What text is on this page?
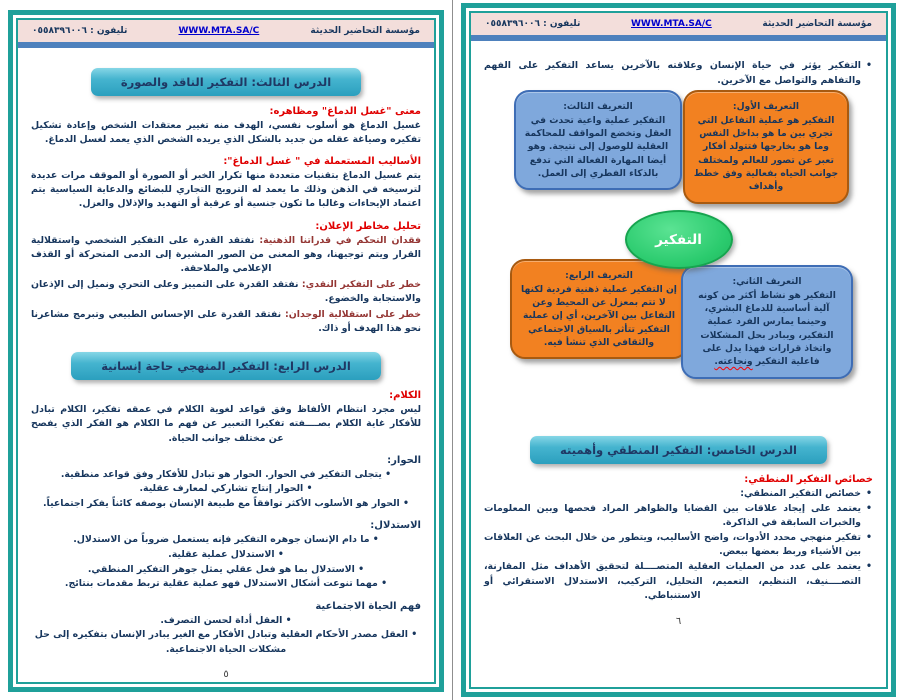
مؤسسة التحاضير الحديثة
WWW.MTA.SA/C
تليفون : ٠٥٥٨٣٩٦٠٠٦
الدرس الثالث: التفكير الناقد والصورة
معنى "غسل الدماغ" ومظاهره:

غسيل الدماغ هو أسلوب نفسي، الهدف منه تغيير معتقدات الشخص وإعادة تشكيل تفكيره وصياغة عقله من جديد بالشكل الذي يريده الشخص الذي يعمد لغسل الدماغ.

الأساليب المستعملة في " غسل الدماغ":

يتم غسيل الدماغ بتقنيات متعددة منها تكرار الخبر أو الصورة أو الموقف مرات عديدة لترسيخه في الذهن وذلك ما يعمد له الترويج التجاري للبضائع والدعاية السياسية يتم اعتماد الإيحاءات وغالبا ما تكون جنسية أو عرقية أو التهديد والإذلال والعزل.

تحليل مخاطر الإعلان:

فقدان التحكم في قدراتنا الذهنية: نفتقد القدرة على التفكير الشخصي واستقلالية القرار ويتم توجيهنا، وهو المعنى من الصور المشيرة إلى الدمى المتحركة أو القذف الإعلامي والملاحقة.

خطر على التفكير النقدي: نفتقد القدرة على التمييز وعلى التحري ونميل إلى الإذعان والاستجابة والخضوع.

خطر على استقلالية الوجدان: نفتقد القدرة على الإحساس الطبيعي وتبرمج مشاعرنا نحو هذا الهدف أو ذاك.

الدرس الرابع: التفكير المنهجي حاجة إنسانية
الكلام:

ليس مجرد انتظام الألفاظ وفق قواعد لغوية الكلام في عمقه تفكير، الكلام تبادل للأفكار غاية الكلام بصــــفته تفكيرا التعبير عن فهم ما الكلام هو الفكر الذي يفصح عن مختلف جوانب الحياة.

الحوار:
• يتجلى التفكير في الحوار. الحوار هو تبادل للأفكار وفق قواعد منطقية.
• الحوار إنتاج تشاركي لمعارف عقلية.
• الحوار هو الأسلوب الأكثر توافقاً مع طبيعة الإنسان بوصفه كائناً يفكر اجتماعياً.
الاستدلال:
• ما دام الإنسان جوهره التفكير فإنه يستعمل ضروباً من الاستدلال.
• الاستدلال عملية عقلية.
• الاستدلال بما هو فعل عقلي يمثل جوهر التفكير المنطقي.
• مهما تنوعت أشكال الاستدلال فهو عملية عقلية تربط مقدمات بنتائج.
فهم الحياة الاجتماعية
• العقل أداة لحسن التصرف.
• العقل مصدر الأحكام العقلية وتبادل الأفكار مع الغير يبادر الإنسان بتفكيره إلى حل مشكلات الحياة الاجتماعية.
٥
مؤسسة التحاضير الحديثة
WWW.MTA.SA/C
تليفون : ٠٥٥٨٣٩٦٠٠٦
• التفكير يؤثر في حياة الإنسان وعلاقته بالآخرين يساعد التفكير على الفهم والتفاهم والتواصل مع الآخرين.
التعريف الثالث:
التفكير عملية واعية تحدث في العقل وتخضع المواقف للمحاكمة العقلية للوصول إلى نتيجة. وهو أيضا المهارة الفعالة التي تدفع بالذكاء الفطري إلى العمل.
التعريف الأول:
التفكير هو عملية التفاعل التي تجري بين ما هو بداخل النفس وما هو بخارجها فتتولد أفكار تعبر عن تصور للعالم ولمختلف جوانب الحياه بفعالية وفق خطط وأهداف
التفكير
التعريف الرابع:
إن التفكير عملية ذهنية فردية لكنها لا تتم بمعزل عن المحيط وعن التفاعل بين الآخرين، أي إن عملية التفكير تتأثر بالسياق الاجتماعي والثقافي الذي تنشأ فيه.
التعريف الثاني:
التفكير هو نشاط أكثر من كونه آلية أساسية للدماغ البشري، وحينما يمارس الفرد عملية التفكير، ويبادر بحل المشكلات واتخاذ قرارات فهذا يدل على فاعلية التفكير ونجاعته.
الدرس الخامس: التفكير المنطقي وأهميته
خصائص التفكير المنطقي:
• خصائص التفكير المنطقي:
• يعتمد على إيجاد علاقات بين القضايا والظواهر المراد فحصها وبين المعلومات والخبرات السابقة في الذاكرة.
• تفكير منهجي محدد الأدوات، واضح الأساليب، ويتطور من خلال البحث عن العلاقات بين الأشياء وربط بعضها ببعض.
• يعتمد على عدد من العمليات العقلية المتصــــلة لتحقيق الأهداف مثل المقارنة، التصــــنيف، التنظيم، التعميم، التحليل، التركيب، الاستدلال الاستقرائي أو الاستنباطي.
٦
